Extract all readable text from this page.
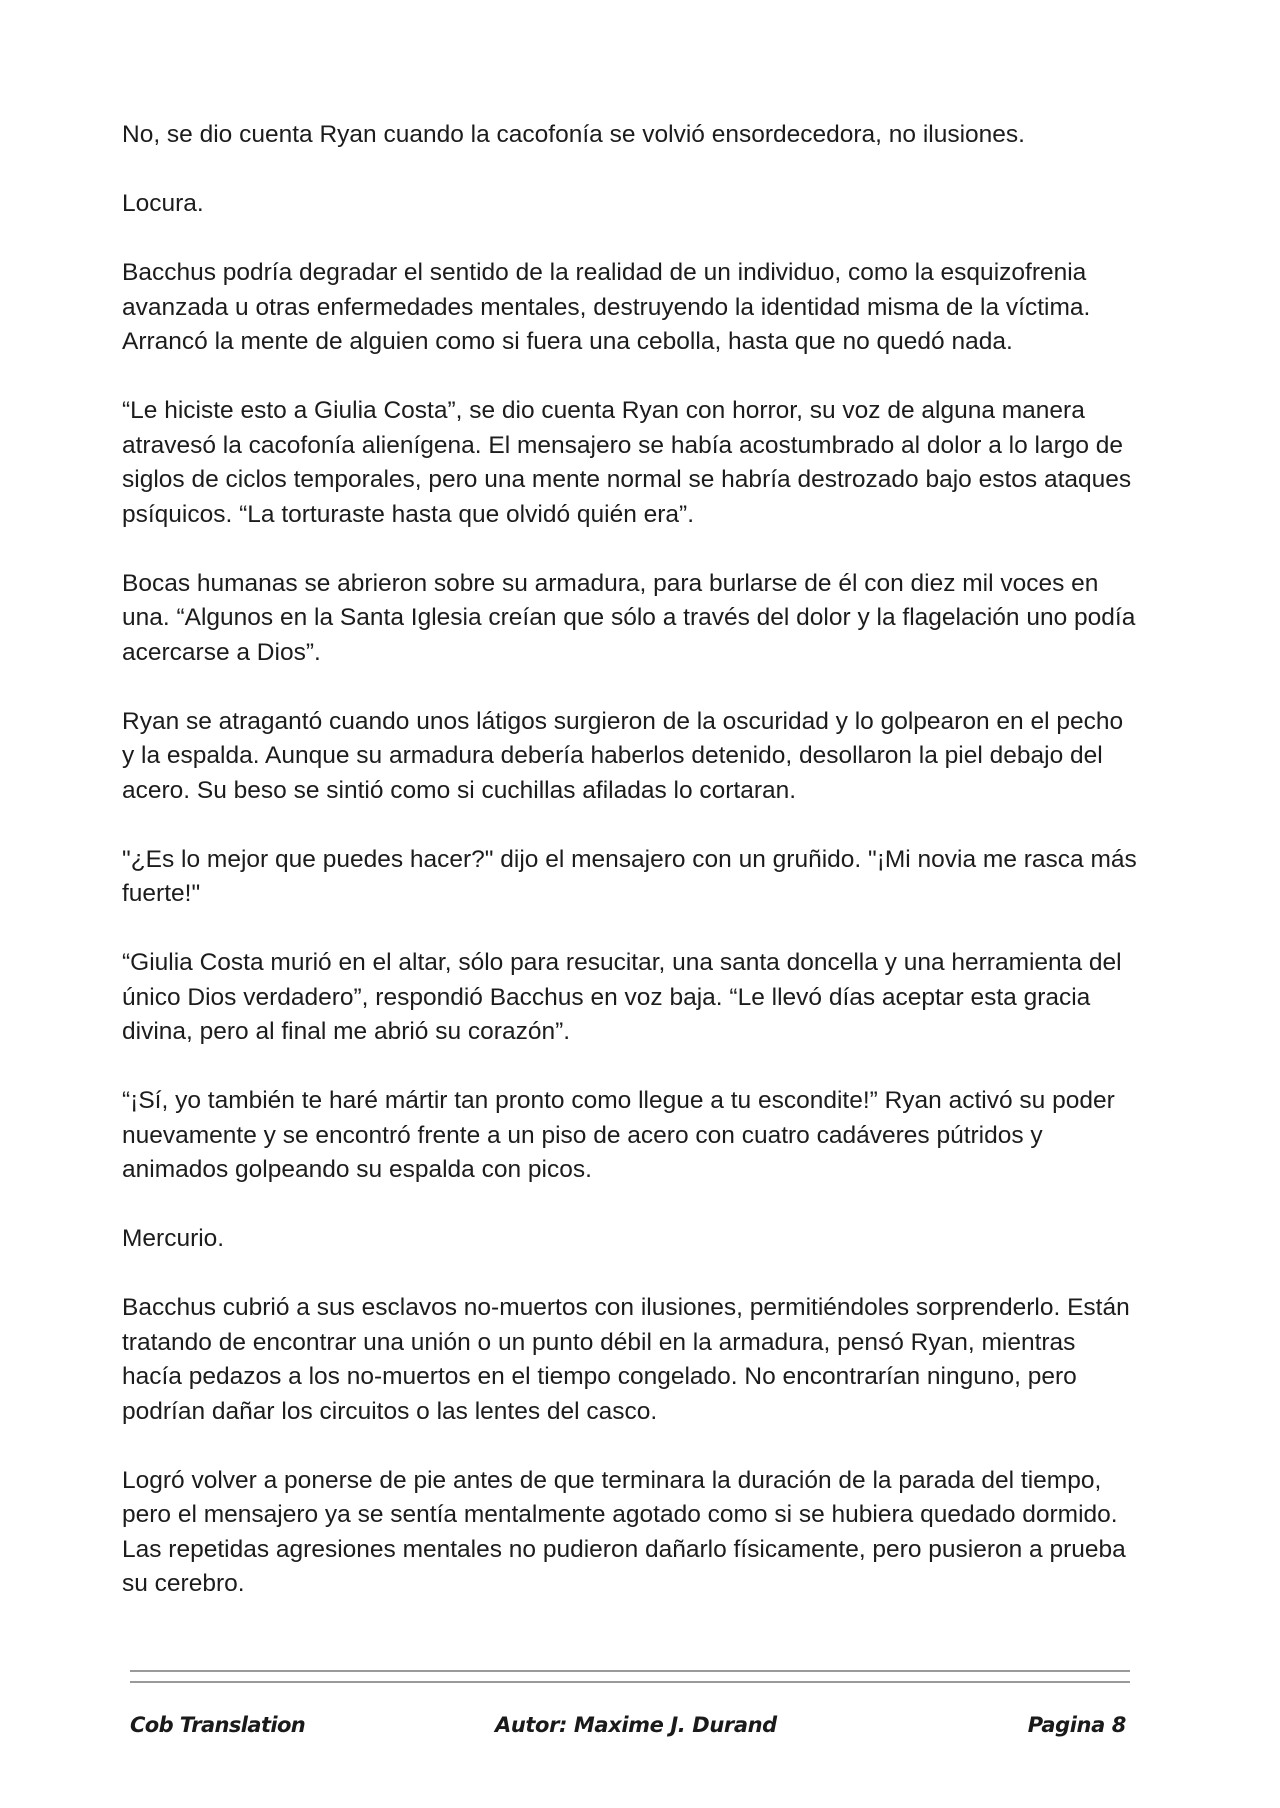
No, se dio cuenta Ryan cuando la cacofonía se volvió ensordecedora, no ilusiones.

Locura.

Bacchus podría degradar el sentido de la realidad de un individuo, como la esquizofrenia avanzada u otras enfermedades mentales, destruyendo la identidad misma de la víctima. Arrancó la mente de alguien como si fuera una cebolla, hasta que no quedó nada.

“Le hiciste esto a Giulia Costa”, se dio cuenta Ryan con horror, su voz de alguna manera atravesó la cacofonía alienígena. El mensajero se había acostumbrado al dolor a lo largo de siglos de ciclos temporales, pero una mente normal se habría destrozado bajo estos ataques psíquicos. “La torturaste hasta que olvidó quién era”.

Bocas humanas se abrieron sobre su armadura, para burlarse de él con diez mil voces en una. “Algunos en la Santa Iglesia creían que sólo a través del dolor y la flagelación uno podía acercarse a Dios”.

Ryan se atragantó cuando unos látigos surgieron de la oscuridad y lo golpearon en el pecho y la espalda. Aunque su armadura debería haberlos detenido, desollaron la piel debajo del acero. Su beso se sintió como si cuchillas afiladas lo cortaran.

"¿Es lo mejor que puedes hacer?" dijo el mensajero con un gruñido. "¡Mi novia me rasca más fuerte!"

“Giulia Costa murió en el altar, sólo para resucitar, una santa doncella y una herramienta del único Dios verdadero”, respondió Bacchus en voz baja. “Le llevó días aceptar esta gracia divina, pero al final me abrió su corazón”.

“¡Sí, yo también te haré mártir tan pronto como llegue a tu escondite!” Ryan activó su poder nuevamente y se encontró frente a un piso de acero con cuatro cadáveres pútridos y animados golpeando su espalda con picos.

Mercurio.

Bacchus cubrió a sus esclavos no-muertos con ilusiones, permitiéndoles sorprenderlo. Están tratando de encontrar una unión o un punto débil en la armadura, pensó Ryan, mientras hacía pedazos a los no-muertos en el tiempo congelado. No encontrarían ninguno, pero podrían dañar los circuitos o las lentes del casco.

Logró volver a ponerse de pie antes de que terminara la duración de la parada del tiempo, pero el mensajero ya se sentía mentalmente agotado como si se hubiera quedado dormido. Las repetidas agresiones mentales no pudieron dañarlo físicamente, pero pusieron a prueba su cerebro.

Cob Translation	Autor: Maxime J. Durand	Pagina 8
